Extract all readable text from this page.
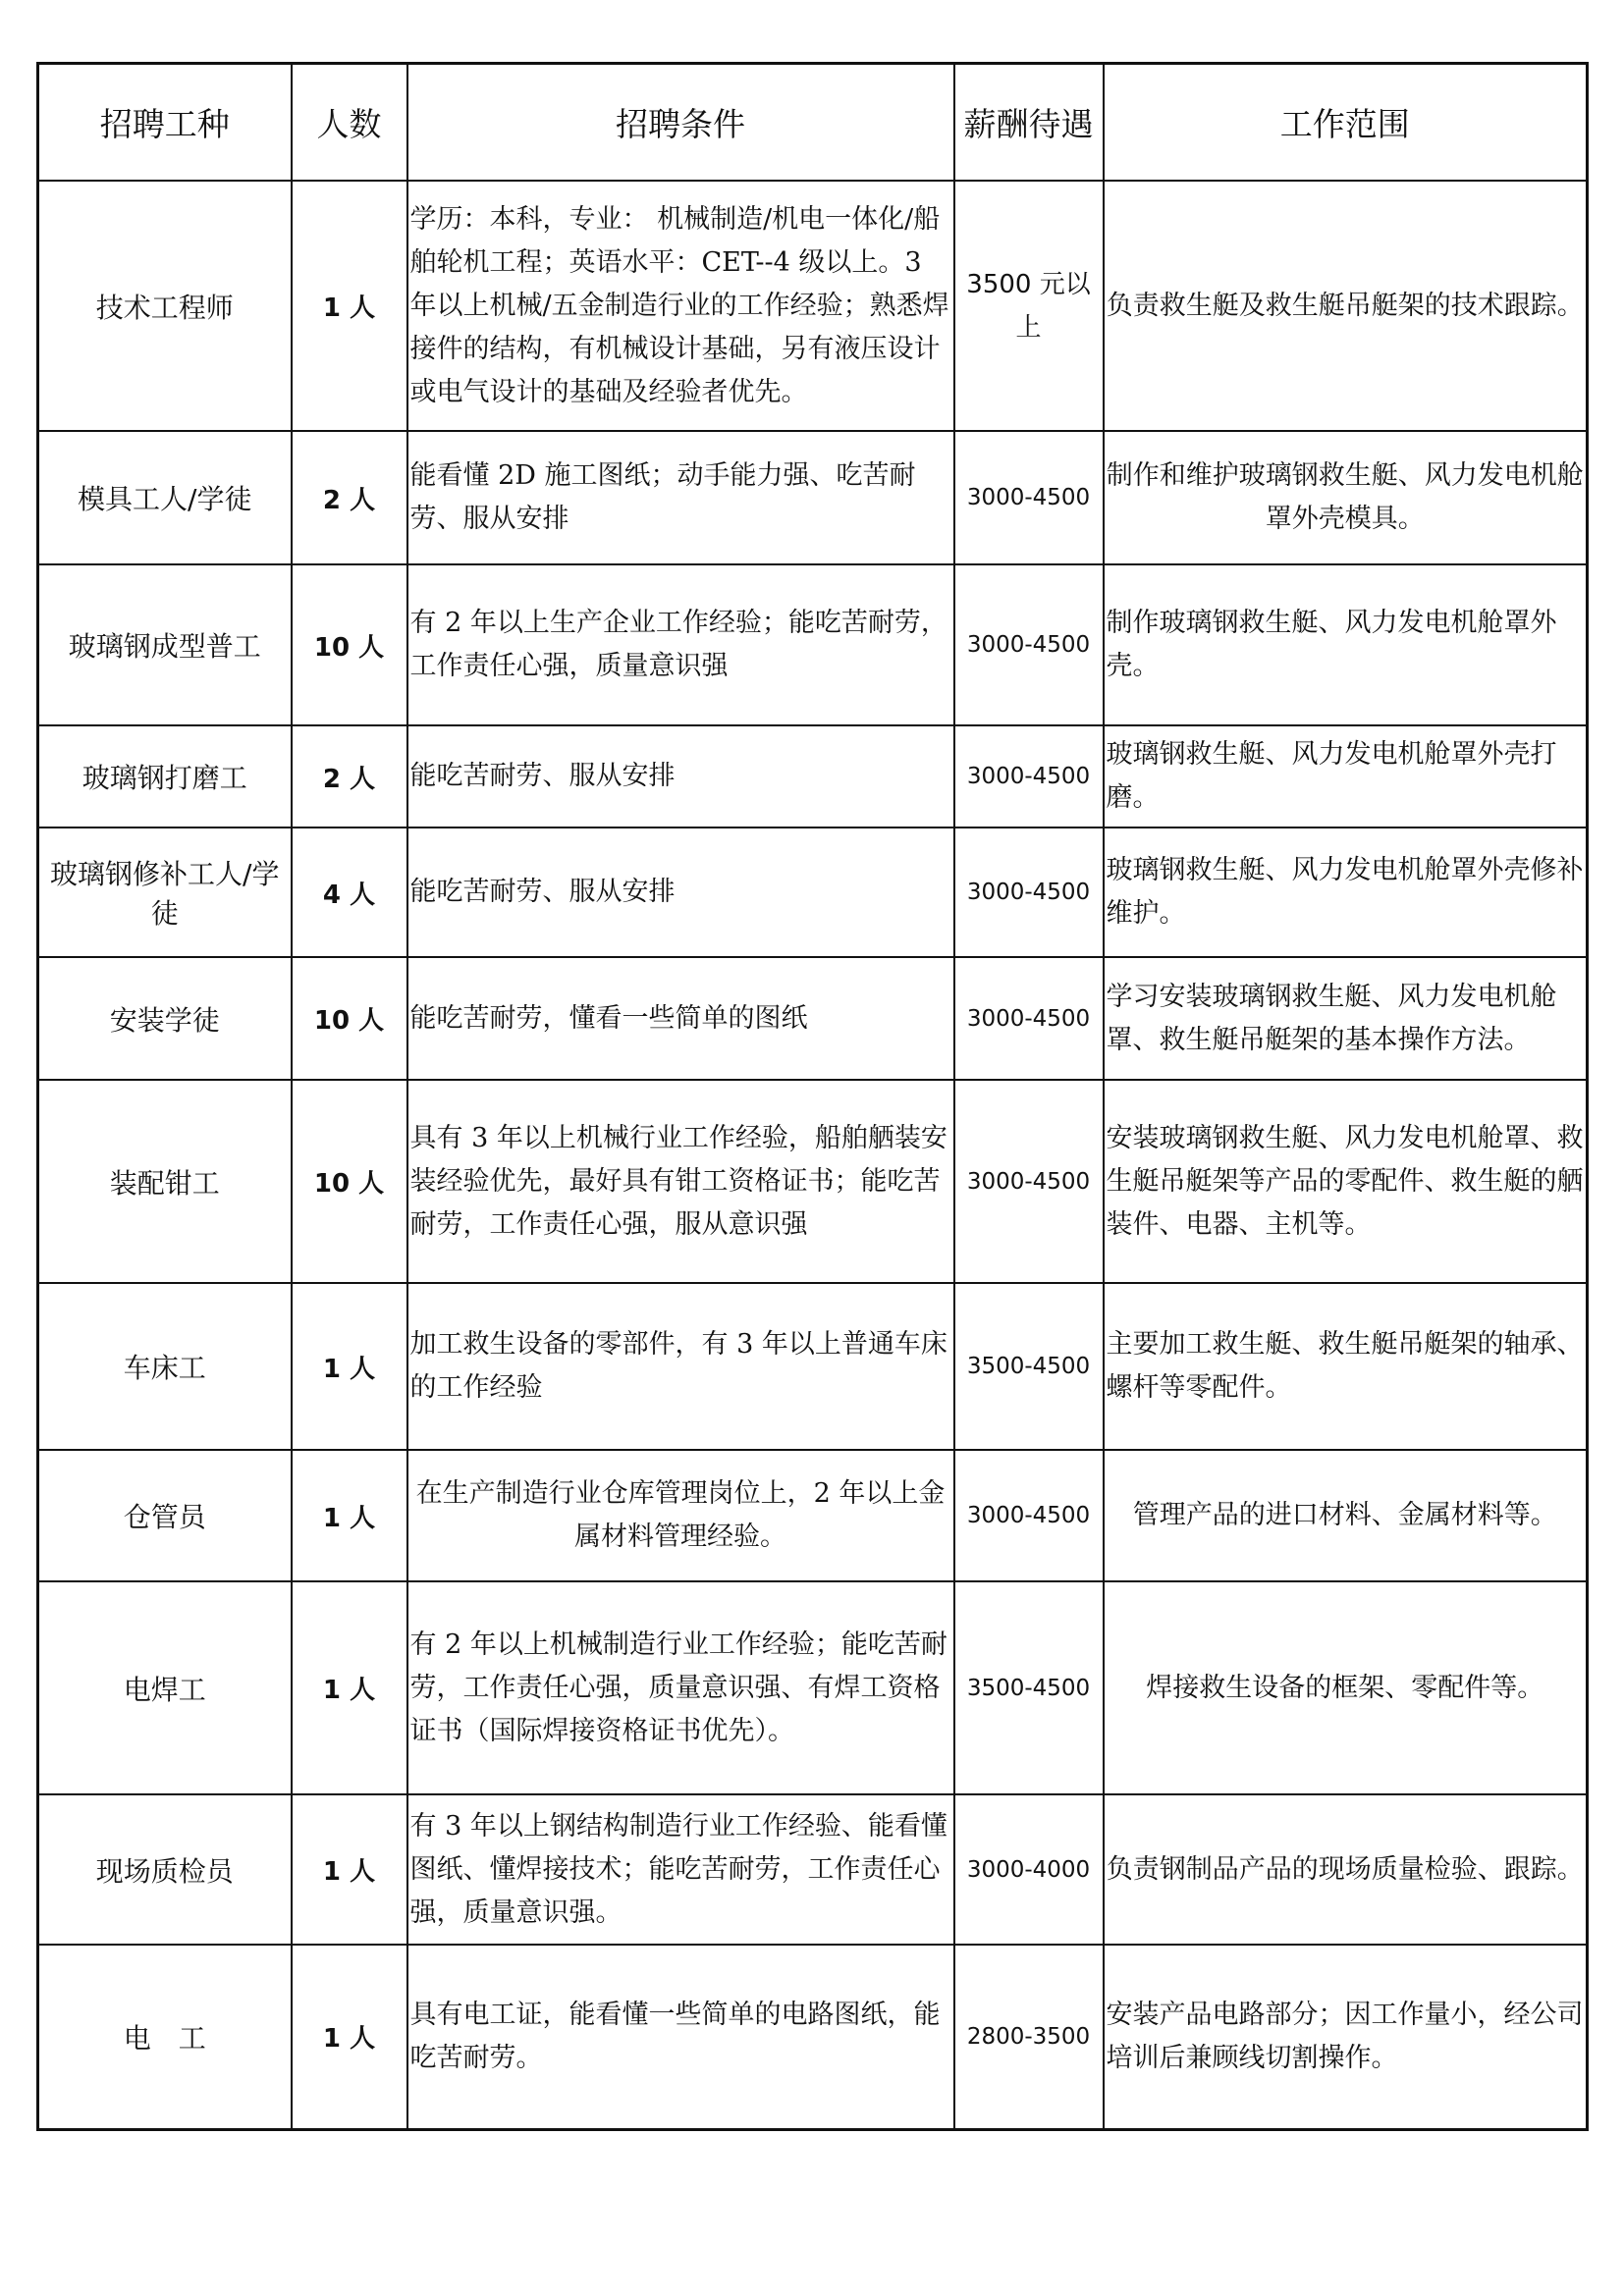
招聘工种	人数	招聘条件	薪酬待遇	工作范围
技术工程师	1 人	学历：本科，专业： 机械制造/机电一体化/船舶轮机工程；英语水平：CET--4 级以上。3 年以上机械/五金制造行业的工作经验；熟悉焊接件的结构，有机械设计基础，另有液压设计或电气设计的基础及经验者优先。	3500 元以上	负责救生艇及救生艇吊艇架的技术跟踪。
模具工人/学徒	2 人	能看懂 2D 施工图纸；动手能力强、吃苦耐劳、服从安排	3000-4500	制作和维护玻璃钢救生艇、风力发电机舱罩外壳模具。
玻璃钢成型普工	10 人	有 2 年以上生产企业工作经验；能吃苦耐劳，工作责任心强，质量意识强	3000-4500	制作玻璃钢救生艇、风力发电机舱罩外壳。
玻璃钢打磨工	2 人	能吃苦耐劳、服从安排	3000-4500	玻璃钢救生艇、风力发电机舱罩外壳打磨。
玻璃钢修补工人/学徒	4 人	能吃苦耐劳、服从安排	3000-4500	玻璃钢救生艇、风力发电机舱罩外壳修补维护。
安装学徒	10 人	能吃苦耐劳，懂看一些简单的图纸	3000-4500	学习安装玻璃钢救生艇、风力发电机舱罩、救生艇吊艇架的基本操作方法。
装配钳工	10 人	具有 3 年以上机械行业工作经验，船舶舾装安装经验优先，最好具有钳工资格证书；能吃苦耐劳，工作责任心强，服从意识强	3000-4500	安装玻璃钢救生艇、风力发电机舱罩、救生艇吊艇架等产品的零配件、救生艇的舾装件、电器、主机等。
车床工	1 人	加工救生设备的零部件，有 3 年以上普通车床的工作经验	3500-4500	主要加工救生艇、救生艇吊艇架的轴承、螺杆等零配件。
仓管员	1 人	在生产制造行业仓库管理岗位上，2 年以上金属材料管理经验。	3000-4500	管理产品的进口材料、金属材料等。
电焊工	1 人	有 2 年以上机械制造行业工作经验；能吃苦耐劳，工作责任心强，质量意识强、有焊工资格证书（国际焊接资格证书优先）。	3500-4500	焊接救生设备的框架、零配件等。
现场质检员	1 人	有 3 年以上钢结构制造行业工作经验、能看懂图纸、懂焊接技术；能吃苦耐劳，工作责任心强，质量意识强。	3000-4000	负责钢制品产品的现场质量检验、跟踪。
电　工	1 人	具有电工证，能看懂一些简单的电路图纸，能吃苦耐劳。	2800-3500	安装产品电路部分；因工作量小，经公司培训后兼顾线切割操作。
